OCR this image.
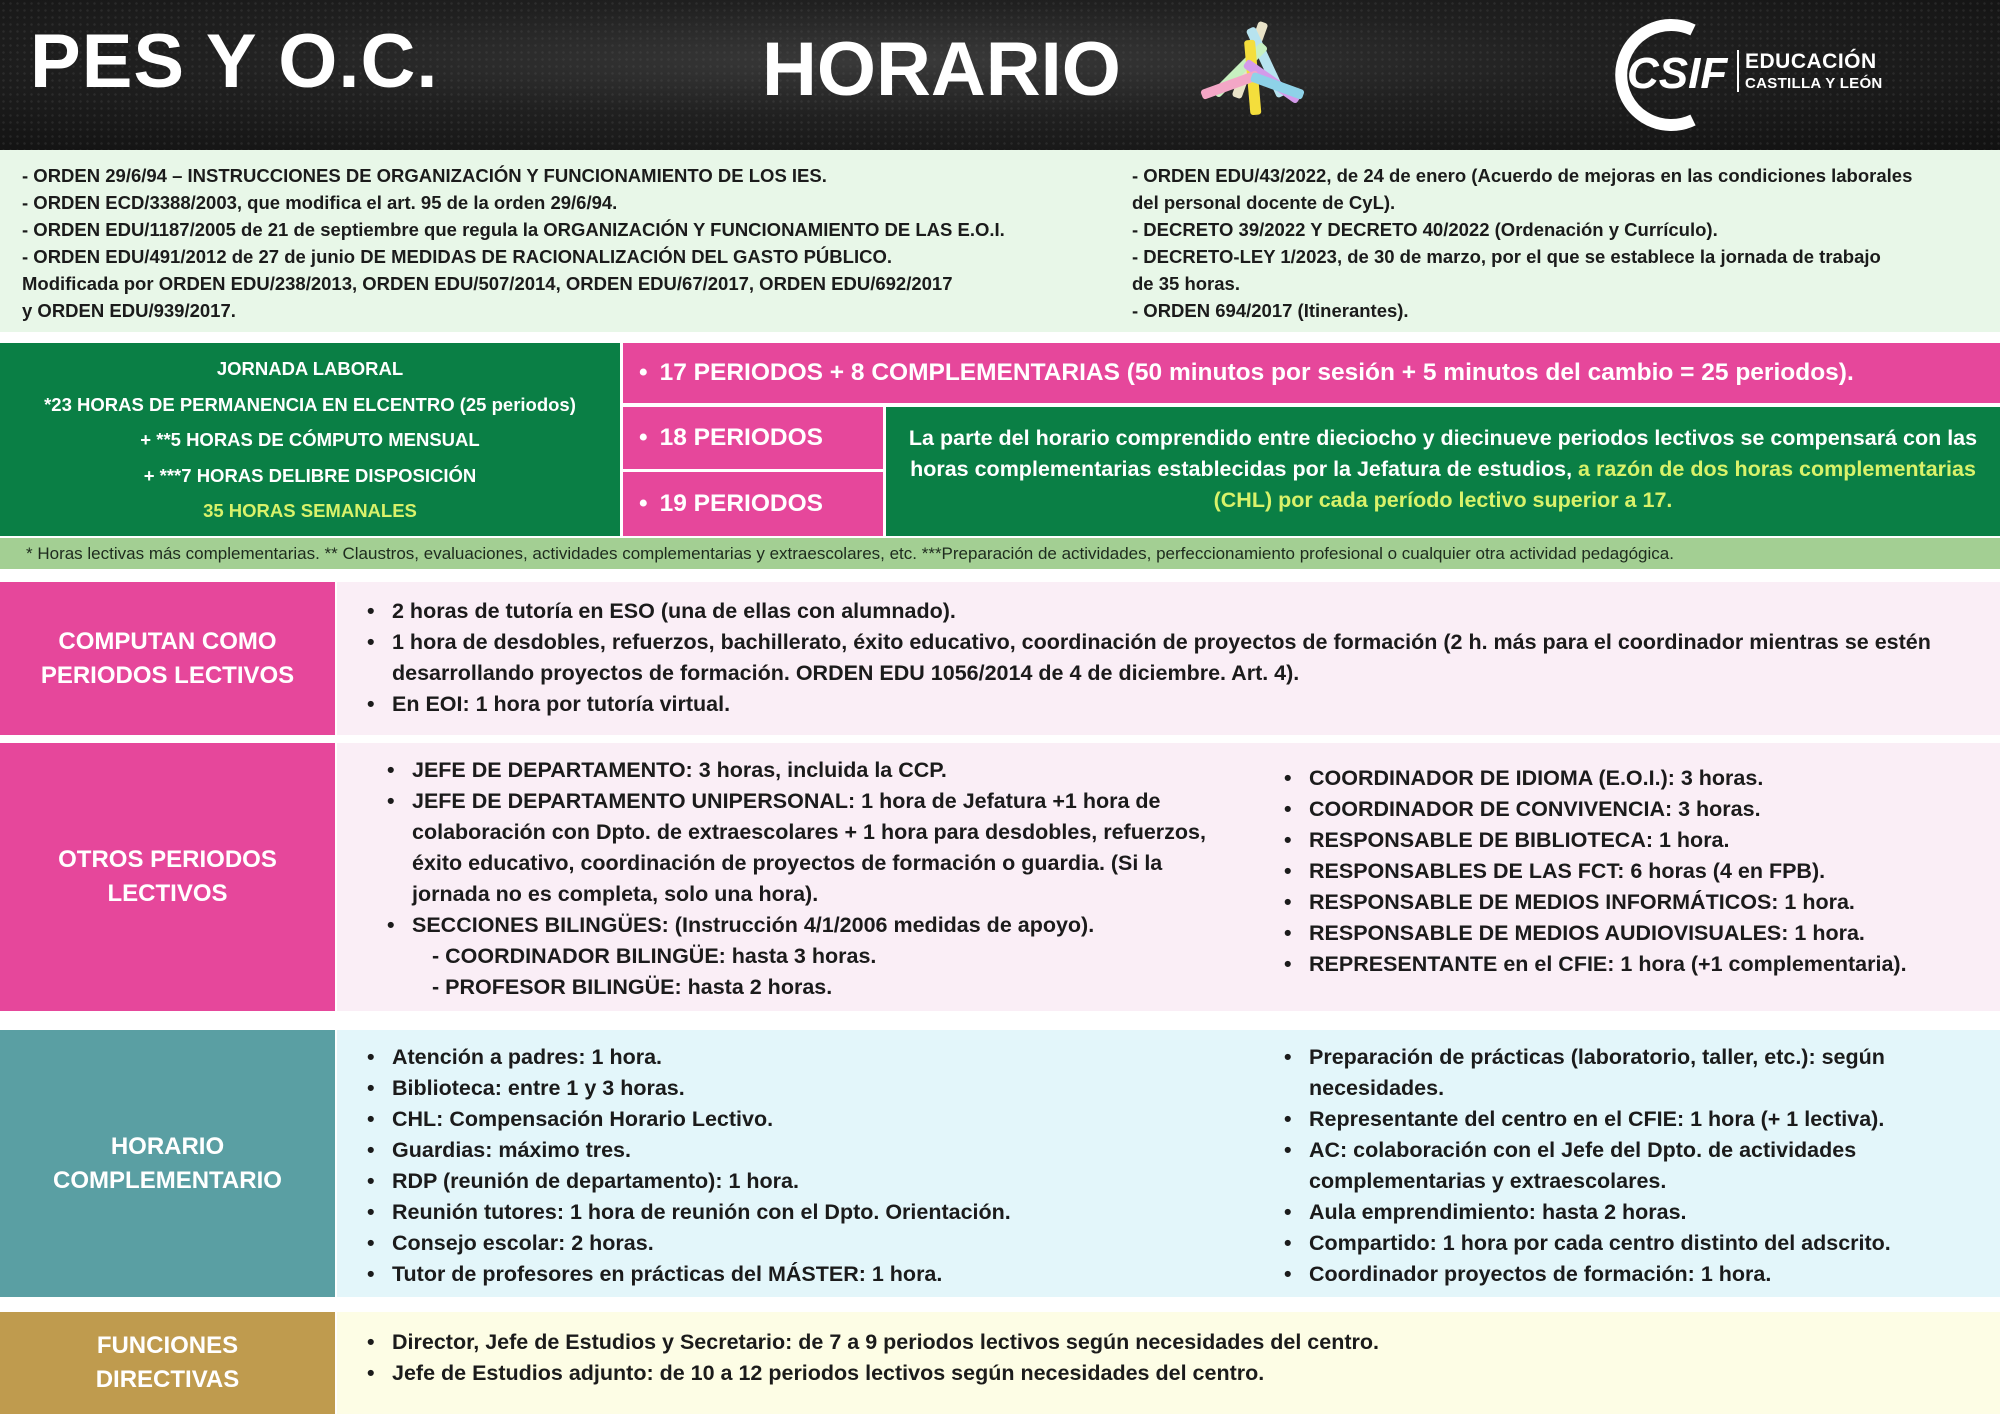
PES Y O.C.	HORARIO	CSIF EDUCACIÓN
CASTILLA Y LEÓN

- ORDEN 29/6/94 – INSTRUCCIONES DE ORGANIZACIÓN Y FUNCIONAMIENTO DE LOS IES.

- ORDEN ECD/3388/2003, que modifica el art. 95 de la orden 29/6/94.

- ORDEN EDU/1187/2005 de 21 de septiembre que regula la ORGANIZACIÓN Y FUNCIONAMIENTO DE LAS E.O.I.

- ORDEN EDU/491/2012 de 27 de junio DE MEDIDAS DE RACIONALIZACIÓN DEL GASTO PÚBLICO.

Modificada por ORDEN EDU/238/2013, ORDEN EDU/507/2014, ORDEN EDU/67/2017, ORDEN EDU/692/2017

y ORDEN EDU/939/2017.

- ORDEN EDU/43/2022, de 24 de enero (Acuerdo de mejoras en las condiciones laborales

del personal docente de CyL).

- DECRETO 39/2022 Y DECRETO 40/2022 (Ordenación y Currículo).

- DECRETO-LEY 1/2023, de 30 de marzo, por el que se establece la jornada de trabajo

de 35 horas.

- ORDEN 694/2017 (Itinerantes).

JORNADA LABORAL
*23 HORAS DE PERMANENCIA EN ELCENTRO (25 periodos)
+ **5 HORAS DE CÓMPUTO MENSUAL
+ ***7 HORAS DELIBRE DISPOSICIÓN
35 HORAS SEMANALES
• 17 PERIODOS + 8 COMPLEMENTARIAS (50 minutos por sesión + 5 minutos del cambio = 25 periodos).
• 18 PERIODOS
• 19 PERIODOS
La parte del horario comprendido entre dieciocho y diecinueve periodos lectivos se compensará con las horas complementarias establecidas por la Jefatura de estudios, a razón de dos horas complementarias (CHL) por cada período lectivo superior a 17.
* Horas lectivas más complementarias. ** Claustros, evaluaciones, actividades complementarias y extraescolares, etc. ***Preparación de actividades, perfeccionamiento profesional o cualquier otra actividad pedagógica.
COMPUTAN COMO
PERIODOS LECTIVOS
• 2 horas de tutoría en ESO (una de ellas con alumnado).
• 1 hora de desdobles, refuerzos, bachillerato, éxito educativo, coordinación de proyectos de formación (2 h. más para el coordinador mientras se estén desarrollando proyectos de formación. ORDEN EDU 1056/2014 de 4 de diciembre. Art. 4).
• En EOI: 1 hora por tutoría virtual.
OTROS PERIODOS
LECTIVOS
• JEFE DE DEPARTAMENTO: 3 horas, incluida la CCP.
• JEFE DE DEPARTAMENTO UNIPERSONAL: 1 hora de Jefatura +1 hora de colaboración con Dpto. de extraescolares + 1 hora para desdobles, refuerzos, éxito educativo, coordinación de proyectos de formación o guardia. (Si la jornada no es completa, solo una hora).
• SECCIONES BILINGÜES: (Instrucción 4/1/2006 medidas de apoyo).
- COORDINADOR BILINGÜE: hasta 3 horas.
- PROFESOR BILINGÜE: hasta 2 horas.
• COORDINADOR DE IDIOMA (E.O.I.): 3 horas.
• COORDINADOR DE CONVIVENCIA: 3 horas.
• RESPONSABLE DE BIBLIOTECA: 1 hora.
• RESPONSABLES DE LAS FCT: 6 horas (4 en FPB).
• RESPONSABLE DE MEDIOS INFORMÁTICOS: 1 hora.
• RESPONSABLE DE MEDIOS AUDIOVISUALES: 1 hora.
• REPRESENTANTE en el CFIE: 1 hora (+1 complementaria).
HORARIO
COMPLEMENTARIO
• Atención a padres: 1 hora.
• Biblioteca: entre 1 y 3 horas.
• CHL: Compensación Horario Lectivo.
• Guardias: máximo tres.
• RDP (reunión de departamento): 1 hora.
• Reunión tutores: 1 hora de reunión con el Dpto. Orientación.
• Consejo escolar: 2 horas.
• Tutor de profesores en prácticas del MÁSTER: 1 hora.
• Preparación de prácticas (laboratorio, taller, etc.): según necesidades.
• Representante del centro en el CFIE: 1 hora (+ 1 lectiva).
• AC: colaboración con el Jefe del Dpto. de actividades complementarias y extraescolares.
• Aula emprendimiento: hasta 2 horas.
• Compartido: 1 hora por cada centro distinto del adscrito.
• Coordinador proyectos de formación: 1 hora.
FUNCIONES
DIRECTIVAS
• Director, Jefe de Estudios y Secretario: de 7 a 9 periodos lectivos según necesidades del centro.
• Jefe de Estudios adjunto: de 10 a 12 periodos lectivos según necesidades del centro.
